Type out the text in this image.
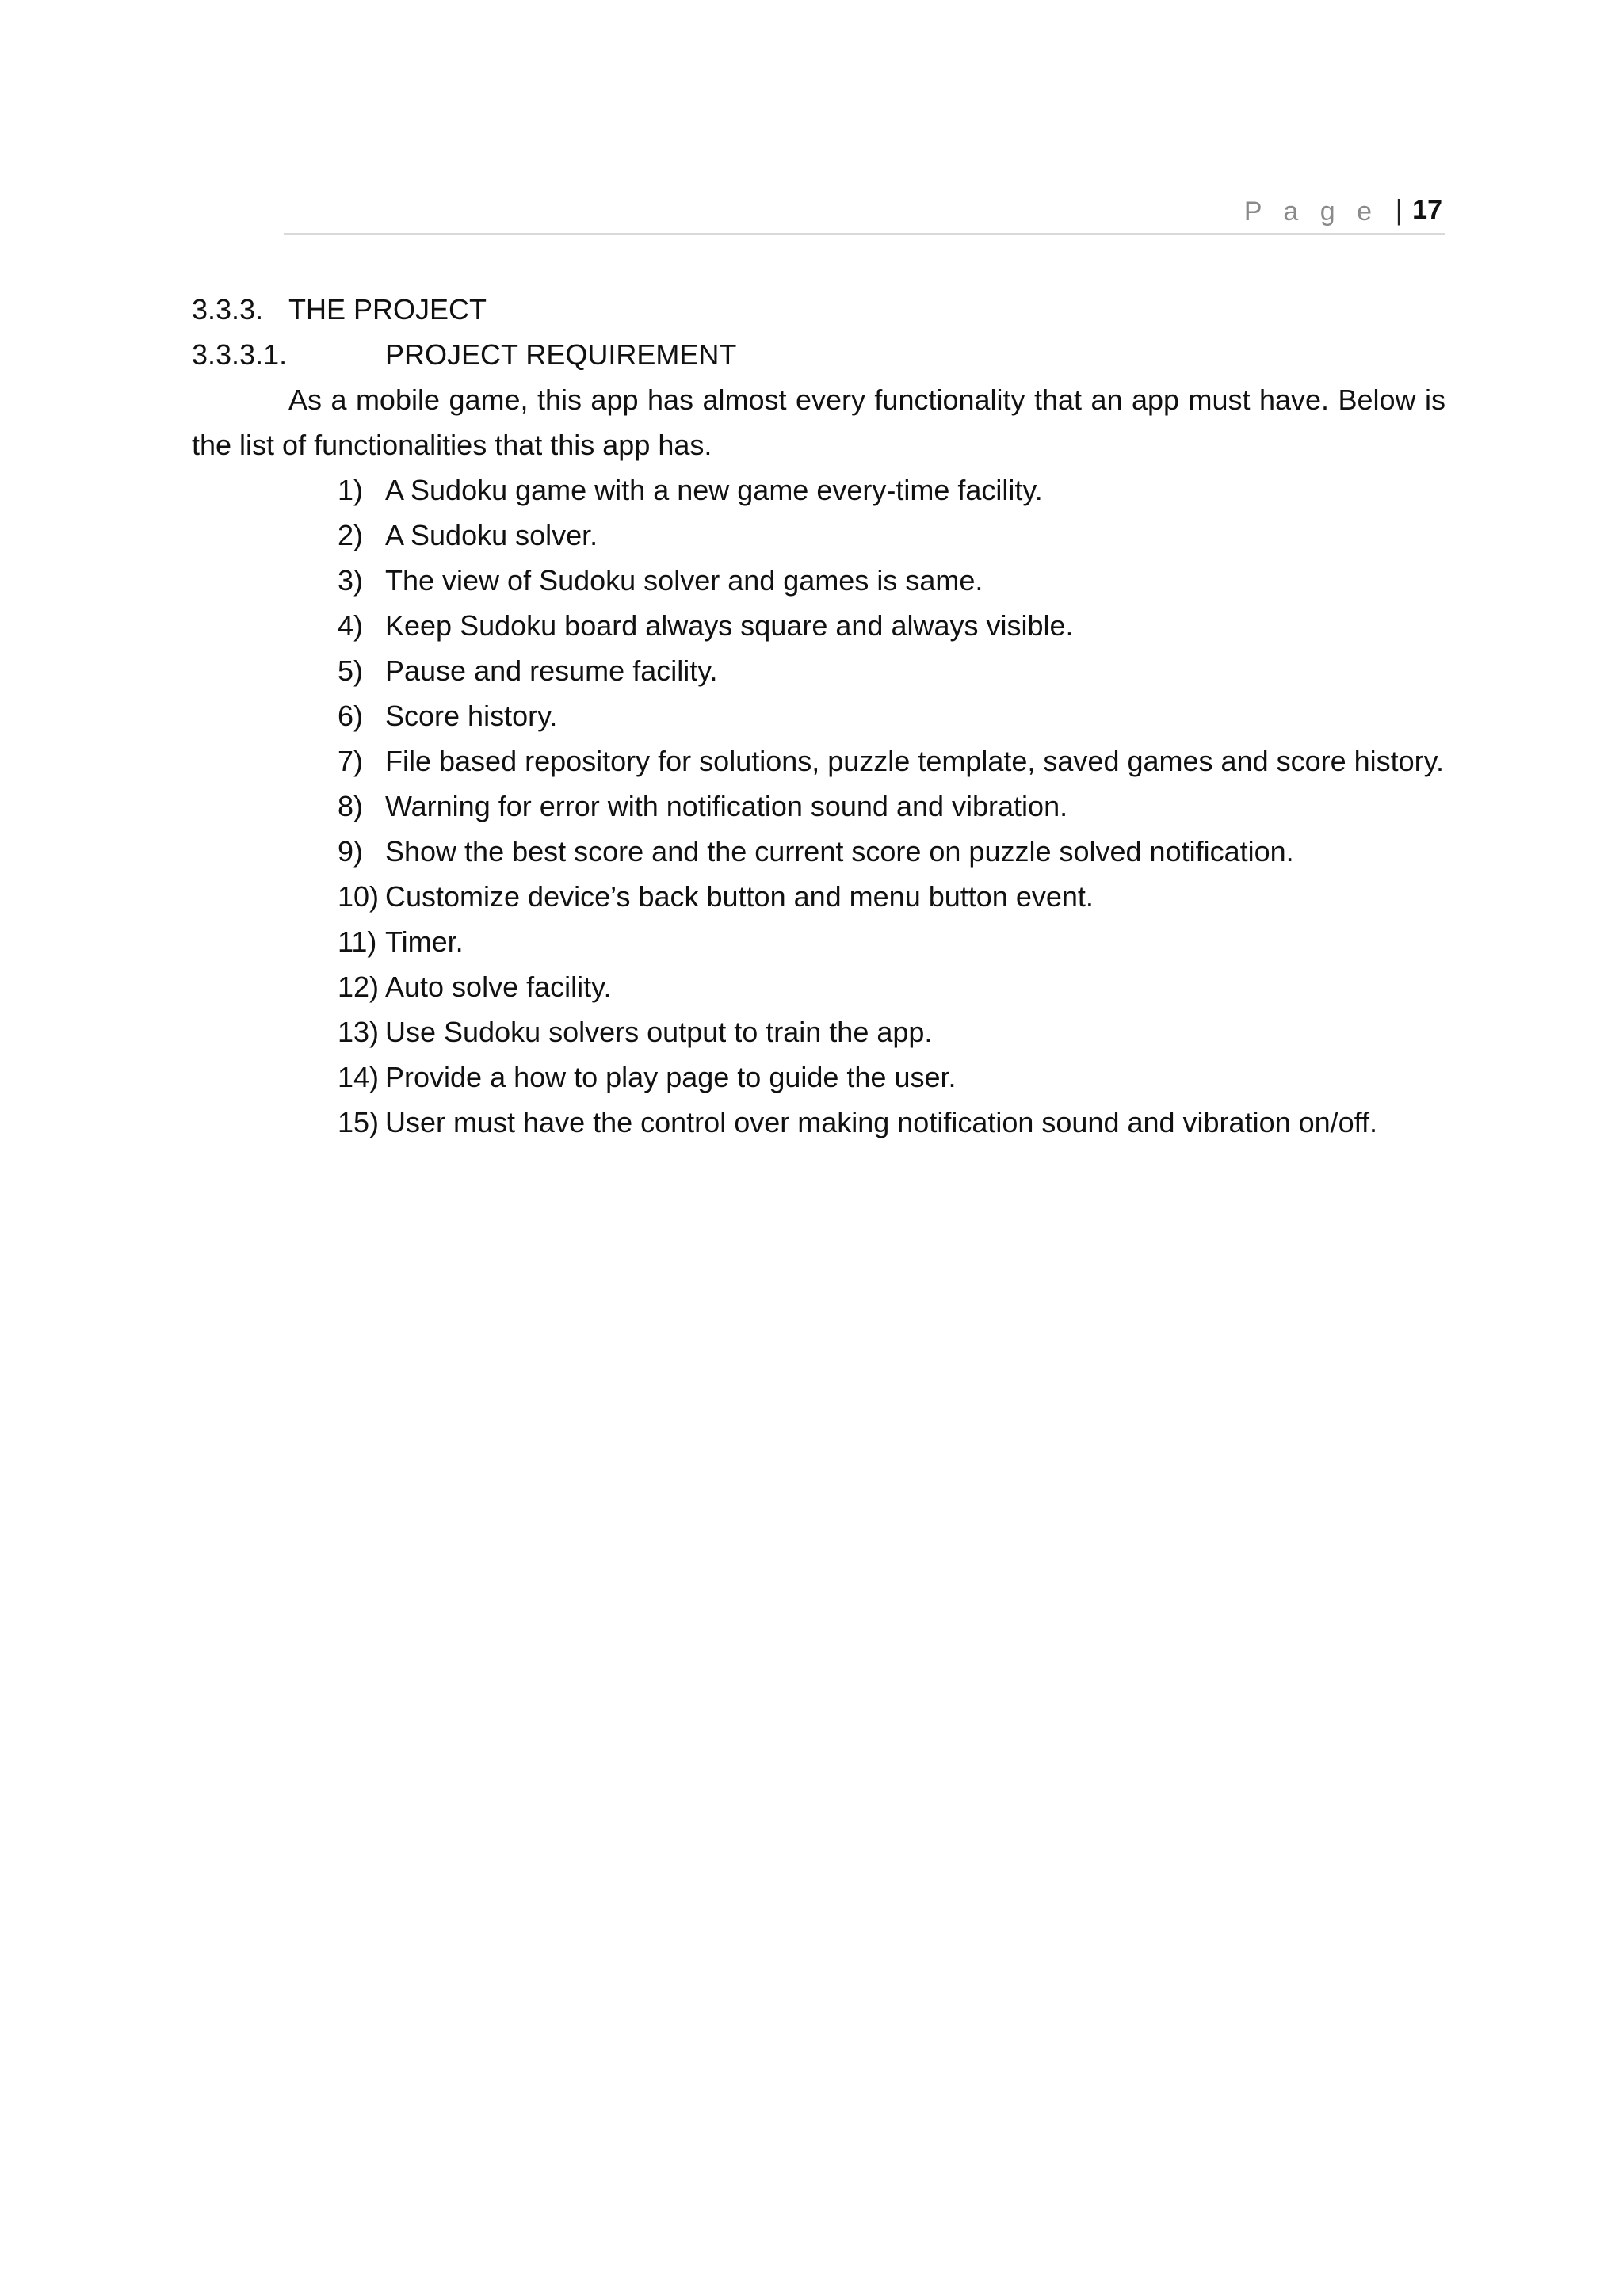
P a g e | 17
3.3.3. THE PROJECT
3.3.3.1.	PROJECT REQUIREMENT

As a mobile game, this app has almost every functionality that an app must have. Below is the list of functionalities that this app has.

1) A Sudoku game with a new game every-time facility.
2) A Sudoku solver.
3) The view of Sudoku solver and games is same.
4) Keep Sudoku board always square and always visible.
5) Pause and resume facility.
6) Score history.
7) File based repository for solutions, puzzle template, saved games and score history.
8) Warning for error with notification sound and vibration.
9) Show the best score and the current score on puzzle solved notification.
10) Customize device’s back button and menu button event.
11) Timer.
12) Auto solve facility.
13) Use Sudoku solvers output to train the app.
14) Provide a how to play page to guide the user.
15) User must have the control over making notification sound and vibration on/off.
